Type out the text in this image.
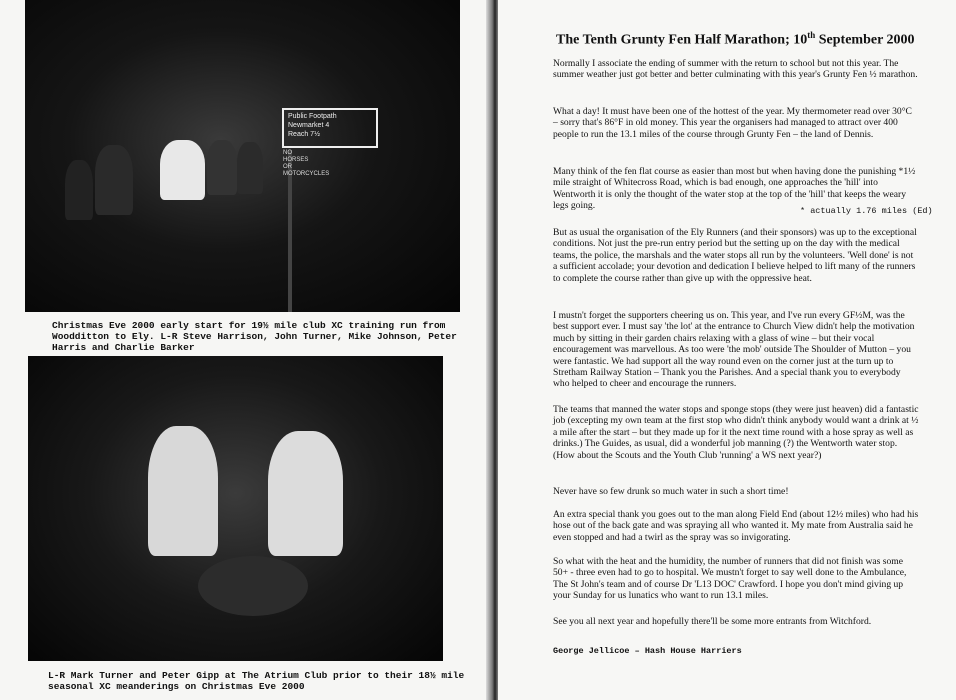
Public Footpath
Newmarket 4
Reach 7½
NO
HORSES
OR
MOTORCYCLES
Christmas Eve 2000 early start for 19½ mile club XC training run from Woodditton to Ely. L-R Steve Harrison, John Turner, Mike Johnson, Peter Harris and Charlie Barker
L-R Mark Turner and Peter Gipp at The Atrium Club prior to their 18½ mile seasonal XC meanderings on Christmas Eve 2000
The Tenth Grunty Fen Half Marathon; 10th September 2000

Normally I associate the ending of summer with the return to school but not this year. The summer weather just got better and better culminating with this year's Grunty Fen ½ marathon.

What a day! It must have been one of the hottest of the year. My thermometer read over 30°C – sorry that's 86°F in old money. This year the organisers had managed to attract over 400 people to run the 13.1 miles of the course through Grunty Fen – the land of Dennis.

Many think of the fen flat course as easier than most but when having done the punishing *1½ mile straight of Whitecross Road, which is bad enough, one approaches the 'hill' into Wentworth it is only the thought of the water stop at the top of the 'hill' that keeps the weary legs going.	* actually 1.76 miles (Ed)

But as usual the organisation of the Ely Runners (and their sponsors) was up to the exceptional conditions. Not just the pre-run entry period but the setting up on the day with the medical teams, the police, the marshals and the water stops all run by the volunteers. 'Well done' is not a sufficient accolade; your devotion and dedication I believe helped to lift many of the runners to complete the course rather than give up with the oppressive heat.

I mustn't forget the supporters cheering us on. This year, and I've run every GF½M, was the best support ever. I must say 'the lot' at the entrance to Church View didn't help the motivation much by sitting in their garden chairs relaxing with a glass of wine – but their vocal encouragement was marvellous. As too were 'the mob' outside The Shoulder of Mutton – you were fantastic. We had support all the way round even on the corner just at the turn up to Stretham Railway Station – Thank you the Parishes. And a special thank you to everybody who helped to cheer and encourage the runners.

The teams that manned the water stops and sponge stops (they were just heaven) did a fantastic job (excepting my own team at the first stop who didn't think anybody would want a drink at ½ a mile after the start – but they made up for it the next time round with a hose spray as well as drinks.) The Guides, as usual, did a wonderful job manning (?) the Wentworth water stop. (How about the Scouts and the Youth Club 'running' a WS next year?)

Never have so few drunk so much water in such a short time!

An extra special thank you goes out to the man along Field End (about 12½ miles) who had his hose out of the back gate and was spraying all who wanted it. My mate from Australia said he even stopped and had a twirl as the spray was so invigorating.

So what with the heat and the humidity, the number of runners that did not finish was some 50+ - three even had to go to hospital. We mustn't forget to say well done to the Ambulance, The St John's team and of course Dr 'L13 DOC' Crawford. I hope you don't mind giving up your Sunday for us lunatics who want to run 13.1 miles.

See you all next year and hopefully there'll be some more entrants from Witchford.

George Jellicoe – Hash House Harriers
